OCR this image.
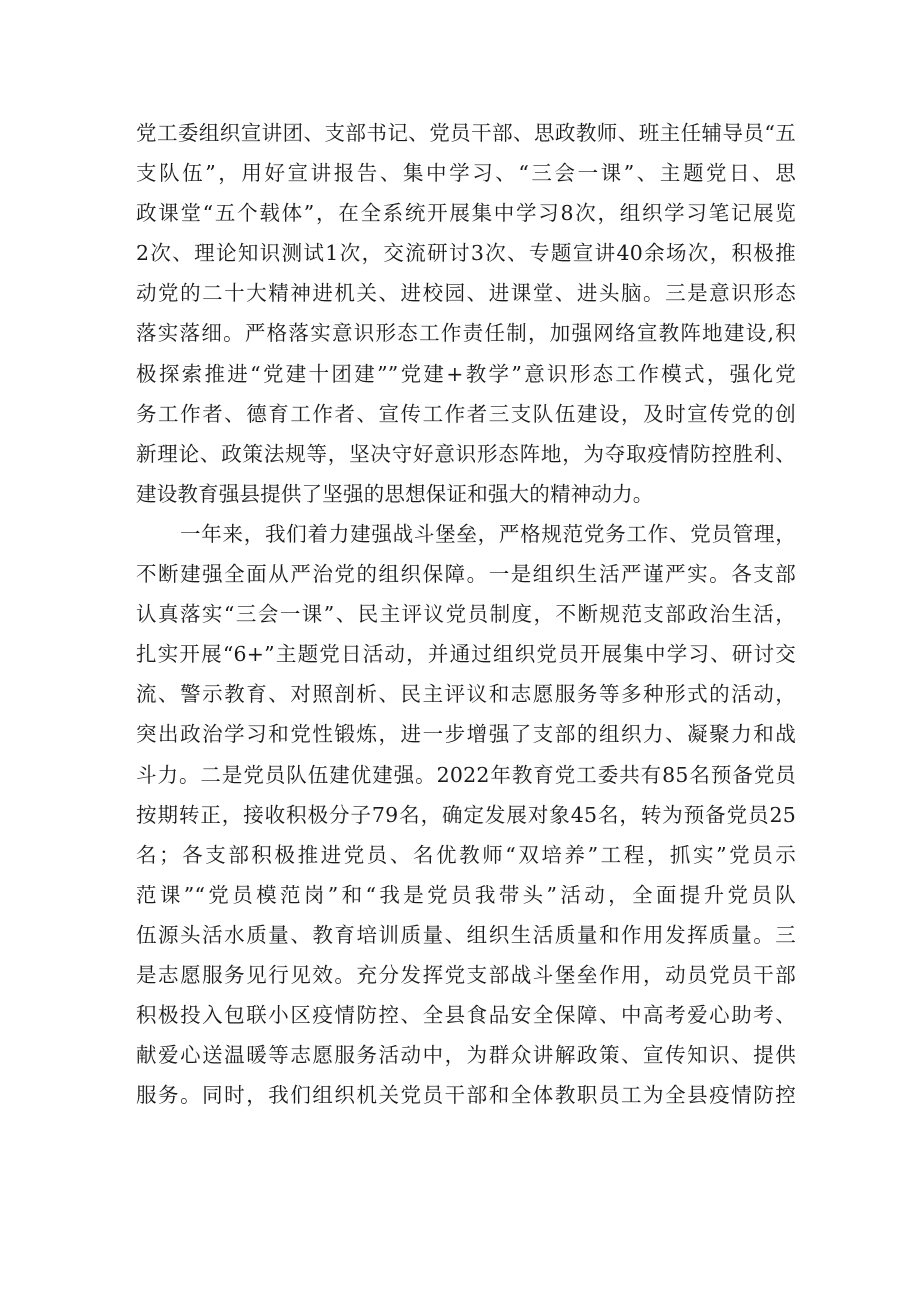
党工委组织宣讲团、支部书记、党员干部、思政教师、班主任辅导员“五
支队伍”，用好宣讲报告、集中学习、“三会一课”、主题党日、思
政课堂“五个载体”，在全系统开展集中学习8次，组织学习笔记展览
2次、理论知识测试1次，交流研讨3次、专题宣讲40余场次，积极推
动党的二十大精神进机关、进校园、进课堂、进头脑。三是意识形态
落实落细。严格落实意识形态工作责任制，加强网络宣教阵地建设,积
极探索推进“党建十团建””党建+教学”意识形态工作模式，强化党
务工作者、德育工作者、宣传工作者三支队伍建设，及时宣传党的创
新理论、政策法规等，坚决守好意识形态阵地，为夺取疫情防控胜利、
建设教育强县提供了坚强的思想保证和强大的精神动力。
一年来，我们着力建强战斗堡垒，严格规范党务工作、党员管理，
不断建强全面从严治党的组织保障。一是组织生活严谨严实。各支部
认真落实“三会一课”、民主评议党员制度，不断规范支部政治生活，
扎实开展“6+”主题党日活动，并通过组织党员开展集中学习、研讨交
流、警示教育、对照剖析、民主评议和志愿服务等多种形式的活动，
突出政治学习和党性锻炼，进一步增强了支部的组织力、凝聚力和战
斗力。二是党员队伍建优建强。2022年教育党工委共有85名预备党员
按期转正，接收积极分子79名，确定发展对象45名，转为预备党员25
名；各支部积极推进党员、名优教师“双培养”工程，抓实”党员示
范课”“党员模范岗”和“我是党员我带头”活动，全面提升党员队
伍源头活水质量、教育培训质量、组织生活质量和作用发挥质量。三
是志愿服务见行见效。充分发挥党支部战斗堡垒作用，动员党员干部
积极投入包联小区疫情防控、全县食品安全保障、中高考爱心助考、
献爱心送温暖等志愿服务活动中，为群众讲解政策、宣传知识、提供
服务。同时，我们组织机关党员干部和全体教职员工为全县疫情防控
